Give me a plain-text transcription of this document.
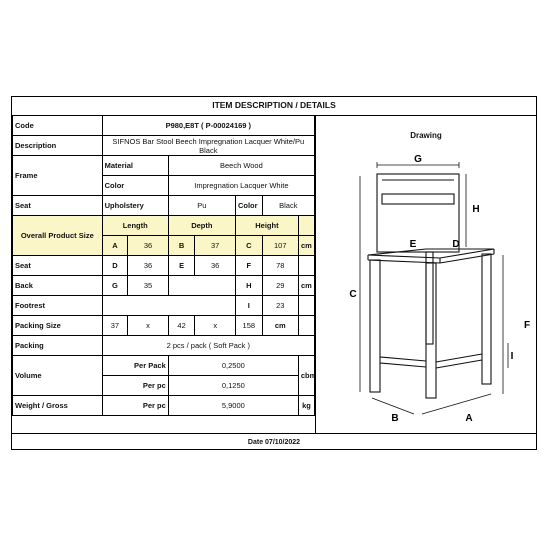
ITEM DESCRIPTION / DETAILS
Code	P980,E8T ( P-00024169 )						
Description	SIFNOS Bar Stool Beech Impregnation Lacquer White/Pu Black						
Frame	Material		Beech Wood				
	Color		Impregnation Lacquer White				
Seat	Upholstery		Pu		Color	Black	
Overall Product Size	Length		Depth		Height		
	A	36	B	37	C	107	cm
Seat	D	36	E	36	F	78	
Back	G	35			H	29	cm
Footrest					I	23	
Packing Size	37	x	42	x	158	cm	
Packing	2 pcs / pack ( Soft Pack )						
Volume	Per Pack		0,2500				cbm
	Per pc		0,1250				
Weight / Gross	Per pc		5,9000				kg
Drawing
G
H
E	D
C
F
I
B	A
Date 07/10/2022
